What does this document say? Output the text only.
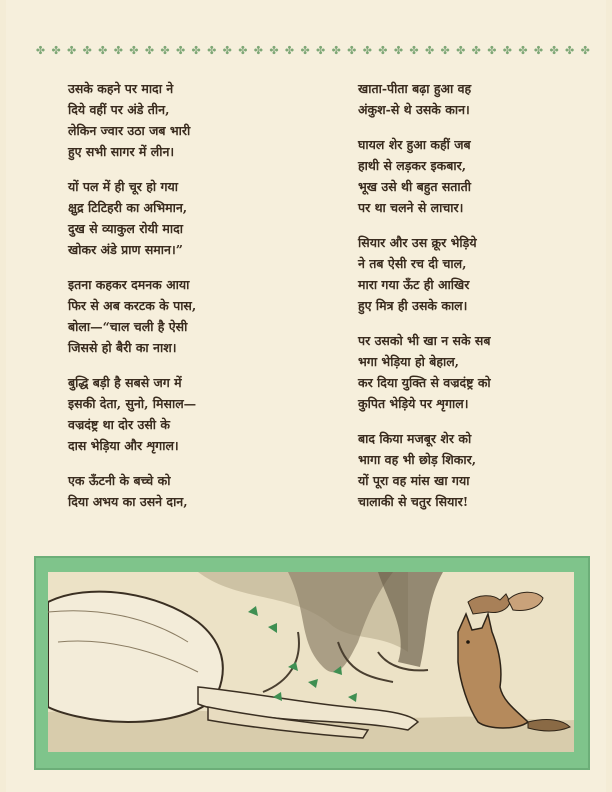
✤ ✤ ✤ ✤ ✤ ✤ ✤ ✤ ✤ ✤ ✤ ✤ ✤ ✤ ✤ ✤ ✤ ✤ ✤ ✤ ✤ ✤ ✤ ✤ ✤ ✤ ✤ ✤ ✤ ✤ ✤ ✤ ✤ ✤ ✤ ✤
उसके कहने पर मादा ने
दिये वहीं पर अंडे तीन,
लेकिन ज्वार उठा जब भारी
हुए सभी सागर में लीन।
यों पल में ही चूर हो गया
क्षुद्र टिटिहरी का अभिमान,
दुख से व्याकुल रोयी मादा
खोकर अंडे प्राण समान।”
इतना कहकर दमनक आया
फिर से अब करटक के पास,
बोला—“चाल चली है ऐसी
जिससे हो बैरी का नाश।
बुद्धि बड़ी है सबसे जग में
इसकी देता, सुनो, मिसाल—
वज्रदंष्ट्र था दोर उसी के
दास भेड़िया और शृगाल।
एक ऊँटनी के बच्चे को
दिया अभय का उसने दान,
खाता-पीता बढ़ा हुआ वह
अंकुश-से थे उसके कान।
घायल शेर हुआ कहीं जब
हाथी से लड़कर इकबार,
भूख उसे थी बहुत सताती
पर था चलने से लाचार।
सियार और उस क्रूर भेड़िये
ने तब ऐसी रच दी चाल,
मारा गया ऊँट ही आखिर
हुए मित्र ही उसके काल।
पर उसको भी खा न सके सब
भगा भेड़िया हो बेहाल,
कर दिया युक्ति से वज्रदंष्ट्र को
कुपित भेड़िये पर शृगाल।
बाद किया मजबूर शेर को
भागा वह भी छोड़ शिकार,
यों पूरा वह मांस खा गया
चालाकी से चतुर सियार!
